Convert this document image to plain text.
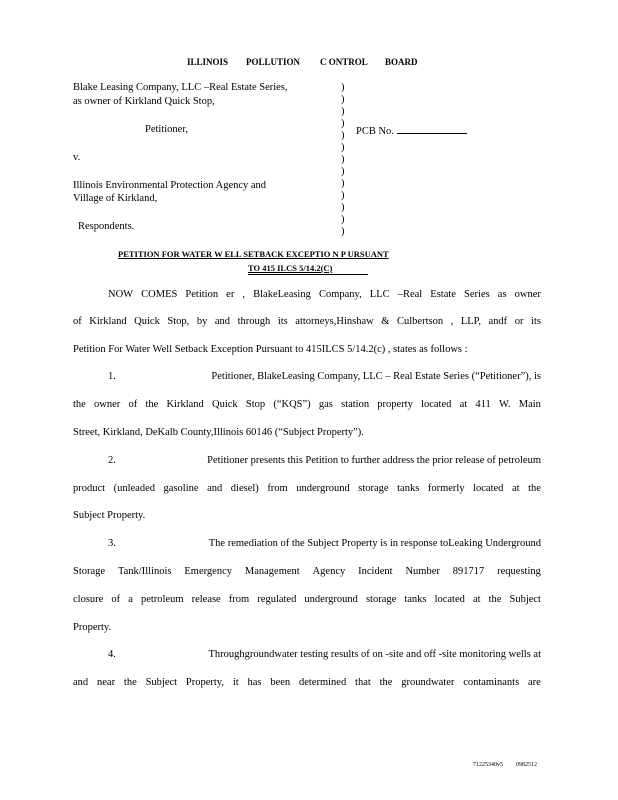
ILLINOIS POLLUTION C ONTROL BOARD
Blake Leasing Company, LLC –Real Estate Series,
as owner of Kirkland Quick Stop,
Petitioner,
v.
Illinois Environmental Protection Agency and
Village of Kirkland,
Respondents.
)
)
)
)
)
)
)
)
)
)
)
)
)
PCB No.
PETITION FOR WATER W ELL SETBACK EXCEPTIO N P URSUANT
TO 415 ILCS 5/14.2(C)
NOW COMES Petition er , BlakeLeasing Company, LLC –Real Estate Series as owner
of Kirkland Quick Stop, by and through its attorneys,Hinshaw & Culbertson , LLP, andf or its
Petition For Water Well Setback Exception Pursuant to 415ILCS 5/14.2(c) , states as follows :
1.	Petitioner, BlakeLeasing Company, LLC – Real Estate Series (“Petitioner”), is
the owner of the Kirkland Quick Stop (“KQS”) gas station property located at 411 W. Main
Street, Kirkland, DeKalb County,Illinois 60146 (“Subject Property”).
2.	Petitioner presents this Petition to further address the prior release of petroleum
product (unleaded gasoline and diesel) from underground storage tanks formerly located at the
Subject Property.
3.	The remediation of the Subject Property is in response toLeaking Underground
Storage Tank/Illinois Emergency Management Agency Incident Number 891717 requesting
closure of a petroleum release from regulated underground storage tanks located at the Subject
Property.
4.	Throughgroundwater testing results of on -site and off -site monitoring wells at
and near the Subject Property, it has been determined that the groundwater contaminants are
71225340v5 0982512
